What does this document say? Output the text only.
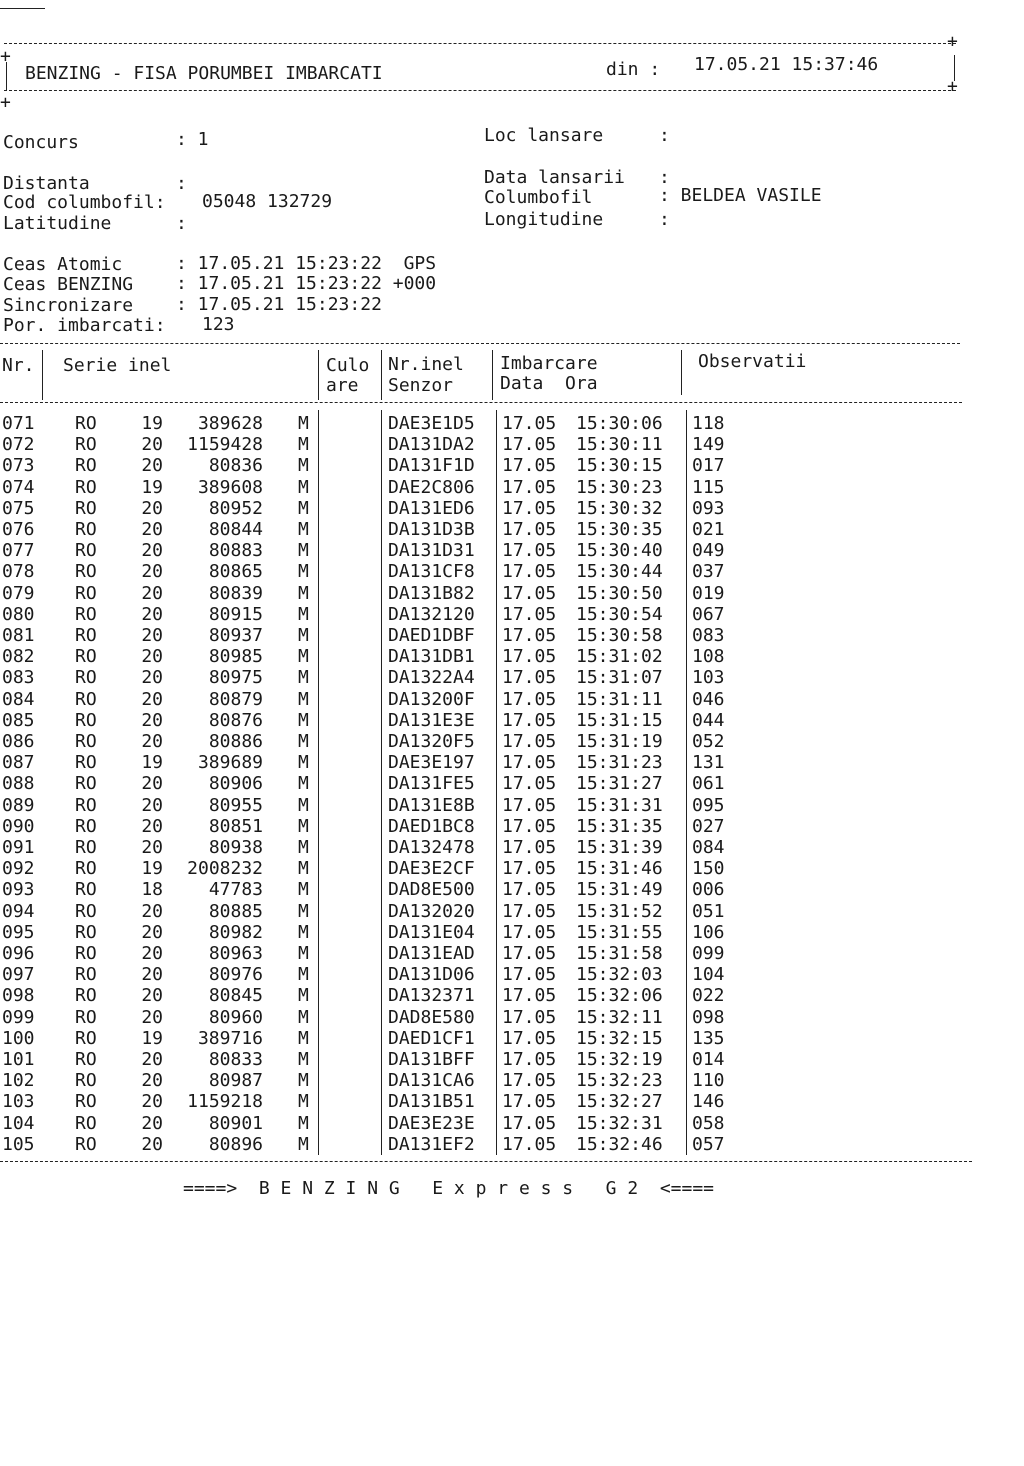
+
+
BENZING - FISA PORUMBEI IMBARCATI	din : 17.05.21 15:37:46
+
+
Concurs	: 1
Distanta	:
Cod columbofil: 05048 132729
Latitudine	:
Loc lansare	:
Data lansarii :
Columbofil	: BELDEA VASILE
Longitudine	:
Ceas Atomic	: 17.05.21 15:23:22  GPS
Ceas BENZING : 17.05.21 15:23:22 +000
Sincronizare : 17.05.21 15:23:22
Por. imbarcati: 123
Nr. Serie inel	Culo
are
Nr.inel
Senzor
Imbarcare
Data  Ora
Observatii
071 RO	19	389628 M	DAE3E1D5 17.05 15:30:06 118
072 RO	20	1159428 M	DA131DA2 17.05 15:30:11 149
073 RO	20	80836 M	DA131F1D 17.05 15:30:15 017
074 RO	19	389608 M	DAE2C806 17.05 15:30:23 115
075 RO	20	80952 M	DA131ED6 17.05 15:30:32 093
076 RO	20	80844 M	DA131D3B 17.05 15:30:35 021
077 RO	20	80883 M	DA131D31 17.05 15:30:40 049
078 RO	20	80865 M	DA131CF8 17.05 15:30:44 037
079 RO	20	80839 M	DA131B82 17.05 15:30:50 019
080 RO	20	80915 M	DA132120 17.05 15:30:54 067
081 RO	20	80937 M	DAED1DBF 17.05 15:30:58 083
082 RO	20	80985 M	DA131DB1 17.05 15:31:02 108
083 RO	20	80975 M	DA1322A4 17.05 15:31:07 103
084 RO	20	80879 M	DA13200F 17.05 15:31:11 046
085 RO	20	80876 M	DA131E3E 17.05 15:31:15 044
086 RO	20	80886 M	DA1320F5 17.05 15:31:19 052
087 RO	19	389689 M	DAE3E197 17.05 15:31:23 131
088 RO	20	80906 M	DA131FE5 17.05 15:31:27 061
089 RO	20	80955 M	DA131E8B 17.05 15:31:31 095
090 RO	20	80851 M	DAED1BC8 17.05 15:31:35 027
091 RO	20	80938 M	DA132478 17.05 15:31:39 084
092 RO	19	2008232 M	DAE3E2CF 17.05 15:31:46 150
093 RO	18	47783 M	DAD8E500 17.05 15:31:49 006
094 RO	20	80885 M	DA132020 17.05 15:31:52 051
095 RO	20	80982 M	DA131E04 17.05 15:31:55 106
096 RO	20	80963 M	DA131EAD 17.05 15:31:58 099
097 RO	20	80976 M	DA131D06 17.05 15:32:03 104
098 RO	20	80845 M	DA132371 17.05 15:32:06 022
099 RO	20	80960 M	DAD8E580 17.05 15:32:11 098
100 RO	19	389716 M	DAED1CF1 17.05 15:32:15 135
101 RO	20	80833 M	DA131BFF 17.05 15:32:19 014
102 RO	20	80987 M	DA131CA6 17.05 15:32:23 110
103 RO	20	1159218 M	DA131B51 17.05 15:32:27 146
104 RO	20	80901 M	DAE3E23E 17.05 15:32:31 058
105 RO	20	80896 M	DA131EF2 17.05 15:32:46 057
====>  B E N Z I N G   E x p r e s s   G 2  <====
